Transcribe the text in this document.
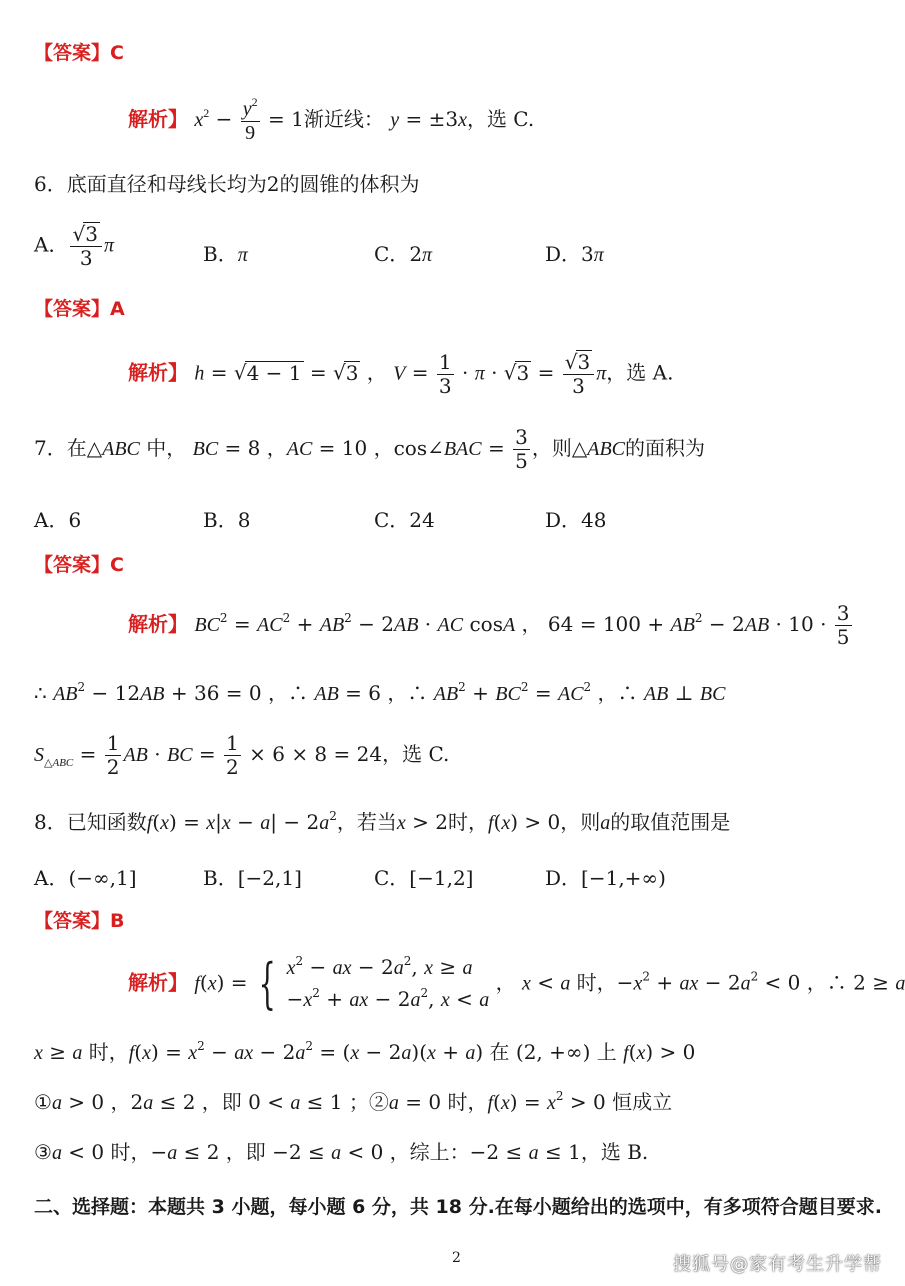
【答案】C
解析】 $x^2 - \frac{y^2}{9} = 1$渐近线： y = ±3x，选 C.
6．底面直径和母线长均为2的圆锥的体积为
A． $\frac{√3}{3}$ π	B．π	C．2π	D．3π
【答案】A
解析】 h = √4 − 1 = √3 ， $V = \frac{1}{3} \cdot \pi \cdot √3 = \frac{√3}{3}$ π，选 A.
7．在△ABC 中， BC = 8 ，AC = 10 ，cos∠BAC = $\frac{3}{5}$ ，则△ABC的面积为
A．6	B．8	C．24	D．48
【答案】C
解析】 $BC^2 = AC^2 + AB^2 - 2AB$ · AC cosA ， $64 = 100 + AB^2 - 2AB \cdot 10 \cdot \frac{3}{5}$
∴ $AB^2 - 12AB + 36 = 0$ ，∴ AB = 6 ，∴ $AB^2 + BC^2 = AC^2$ ，∴ AB ⊥ BC
$S_{\triangle ABC} = \frac{1}{2}$ AB · BC = $\frac{1}{2} \times 6 \times 8 = 24$，选 C.
8．已知函数$f(x) = x|x - a| - 2a^2$，若当x > 2时，f(x) > 0，则a的取值范围是
A．(−∞,1]	B．[−2,1]	C．[−1,2]	D．[−1,+∞)
【答案】B
解析】 f(x) = { $x^2$ − ax − $2a^2$, x ≥ a
$-x^2$ + ax − $2a^2$, x < a
， x < a 时，$-x^2$ + ax − $2a^2 < 0$ ，∴ 2 ≥ a
x ≥ a 时，$f(x) = x^2$ − ax − $2a^2 = (x - 2a)(x + a)$ 在 (2, +∞) 上 f(x) > 0
①a > 0 ，2a ≤ 2 ，即 0 < a ≤ 1 ；②a = 0 时，$f(x) = x^2 > 0$ 恒成立
③a < 0 时，−a ≤ 2 ，即 −2 ≤ a < 0 ，综上：−2 ≤ a ≤ 1，选 B.
二、选择题：本题共 3 小题，每小题 6 分，共 18 分.在每小题给出的选项中，有多项符合题目要求.
2	搜狐号@家有考生升学帮
